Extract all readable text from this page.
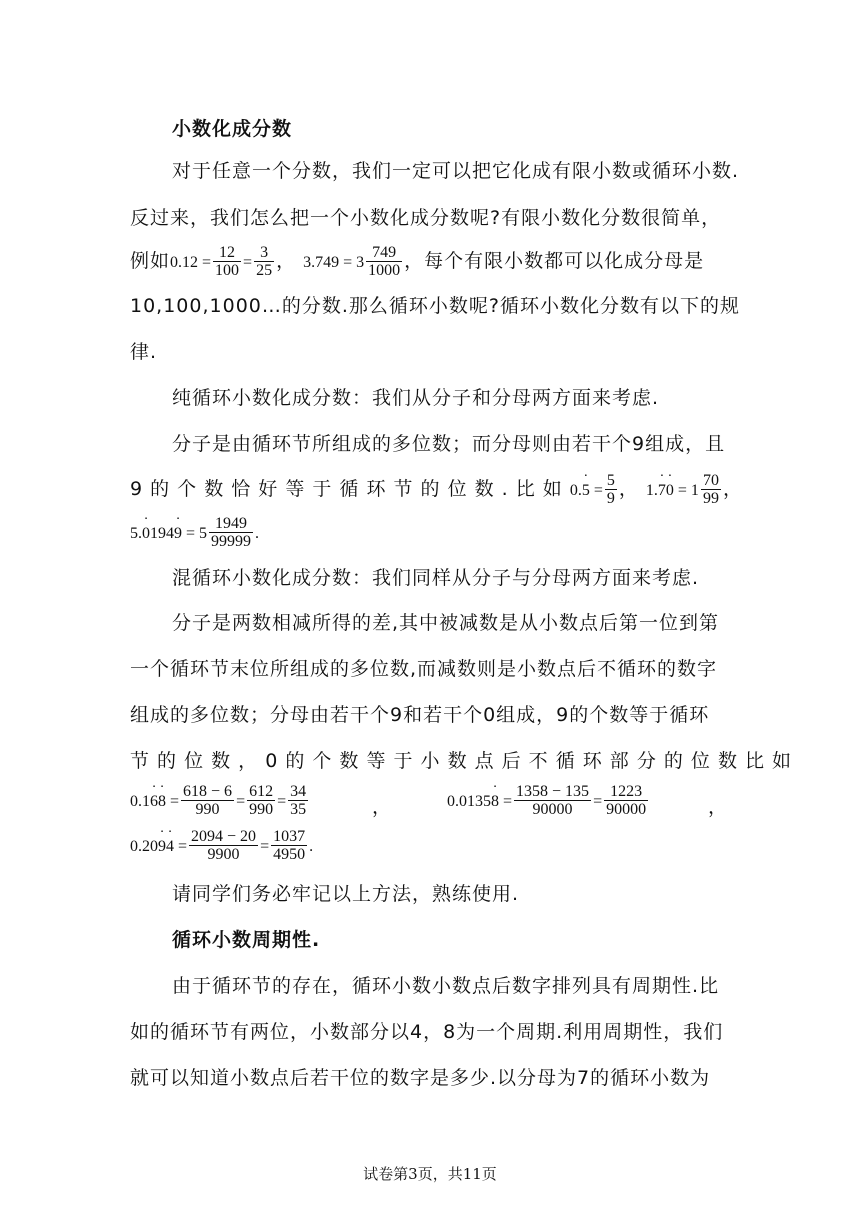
小数化成分数
对于任意一个分数，我们一定可以把它化成有限小数或循环小数.
反过来，我们怎么把一个小数化成分数呢?有限小数化分数很简单，
例如$0.12 = \frac{12}{100} = \frac{3}{25}$ ， $3.749 = 3 \frac{749}{1000}$ ，每个有限小数都可以化成分母是
10,100,1000…的分数.那么循环小数呢?循环小数化分数有以下的规
律.
纯循环小数化成分数：我们从分子和分母两方面来考虑.
分子是由循环节所组成的多位数；而分母则由若干个9组成，且
9 的 个 数 恰 好 等 于 循 环 节 的 位 数 . 比 如 0.˙ $5 = \frac{5}{9}$ ， 1.˙ 7˙ $0 = 1 \frac{70}{99}$ ，
5.˙ 0194˙ $9 = 5 \frac{1949}{99999}$ .
混循环小数化成分数：我们同样从分子与分母两方面来考虑.
分子是两数相减所得的差,其中被减数是从小数点后第一位到第
一个循环节末位所组成的多位数,而减数则是小数点后不循环的数字
组成的多位数；分母由若干个9和若干个0组成，9的个数等于循环
节 的 位 数 ， 0 的 个 数 等 于 小 数 点 后 不 循 环 部 分 的 位 数 比 如
0.1˙ 6˙ $8 = \frac{618 - 6}{990} = \frac{612}{990} = \frac{34}{35}$	，	0.0135˙ $8 = \frac{1358 - 135}{90000} = \frac{1223}{90000}$	，
0.20˙ 9˙ $4 = \frac{2094 - 20}{9900} = \frac{1037}{4950}$ .
请同学们务必牢记以上方法，熟练使用.
循环小数周期性.
由于循环节的存在，循环小数小数点后数字排列具有周期性.比
如的循环节有两位，小数部分以4，8为一个周期.利用周期性，我们
就可以知道小数点后若干位的数字是多少.以分母为7的循环小数为
试卷第3页，共11页
